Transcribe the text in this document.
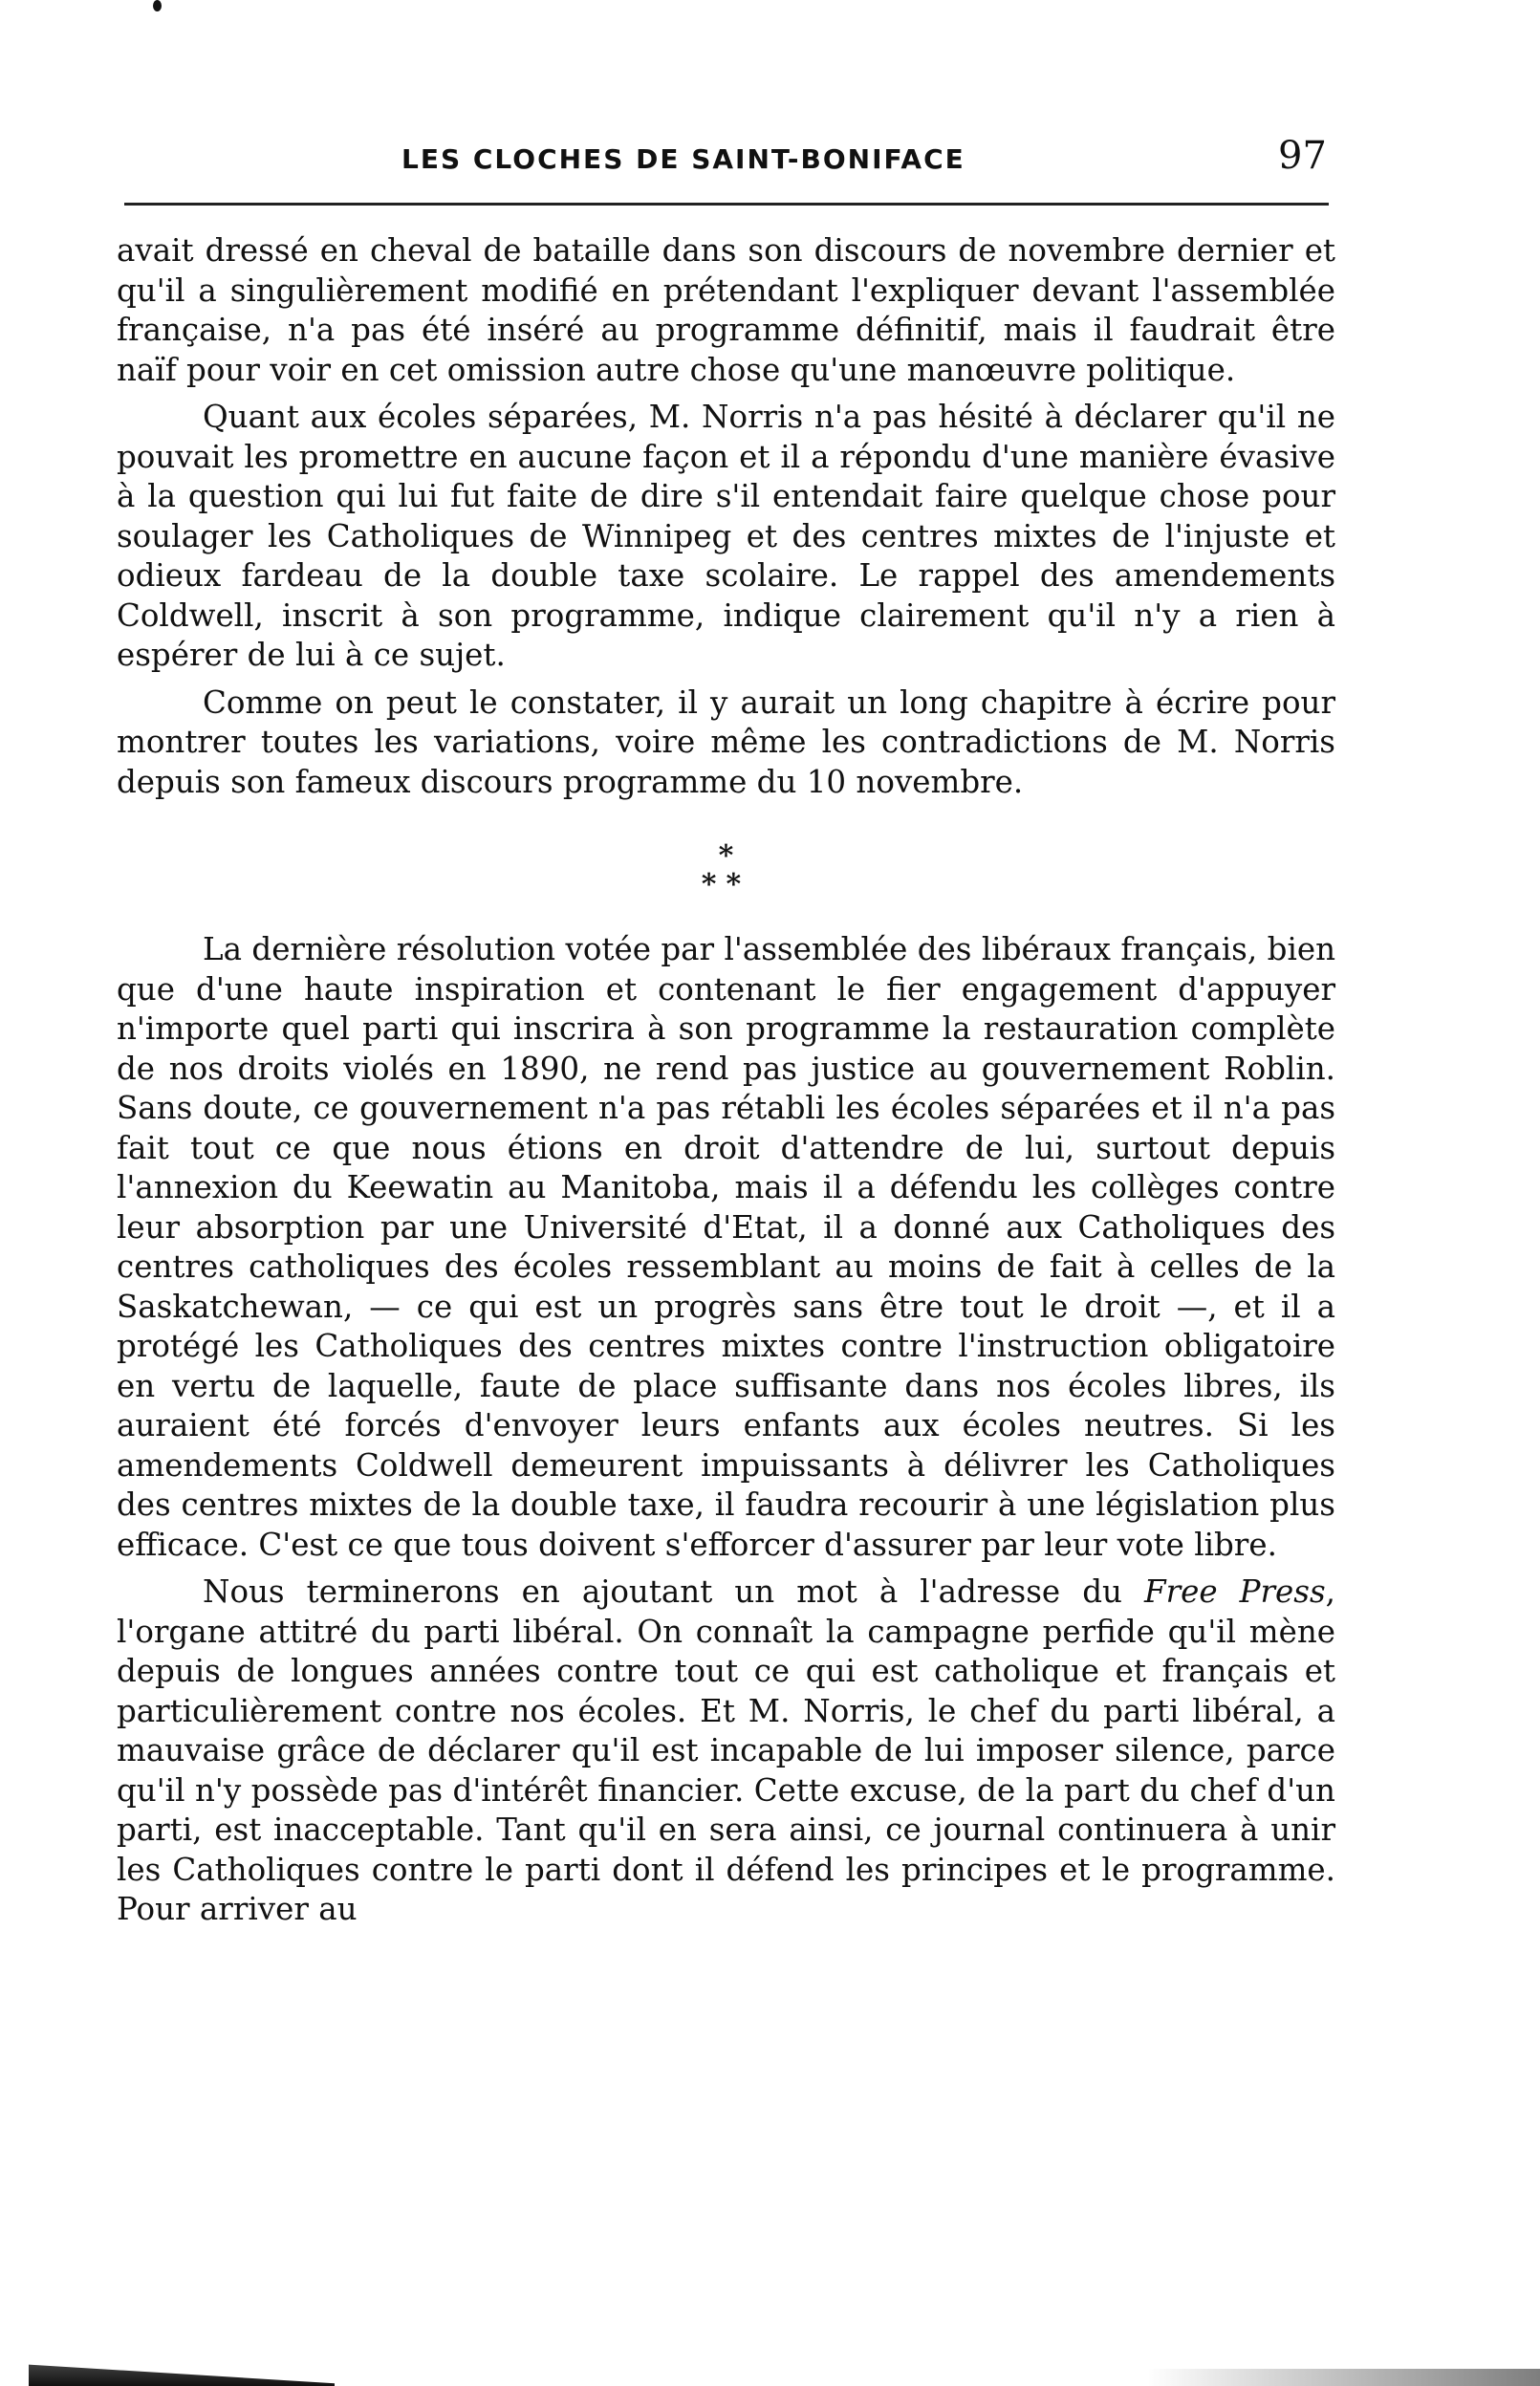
LES CLOCHES DE SAINT-BONIFACE	97

avait dressé en cheval de bataille dans son discours de novembre dernier et qu'il a singulièrement modifié en prétendant l'expliquer devant l'assemblée française, n'a pas été inséré au programme définitif, mais il faudrait être naïf pour voir en cet omission autre chose qu'une manœuvre politique.

Quant aux écoles séparées, M. Norris n'a pas hésité à déclarer qu'il ne pouvait les promettre en aucune façon et il a répondu d'une manière évasive à la question qui lui fut faite de dire s'il entendait faire quelque chose pour soulager les Catholiques de Winnipeg et des centres mixtes de l'injuste et odieux fardeau de la double taxe scolaire. Le rappel des amendements Coldwell, inscrit à son programme, indique clairement qu'il n'y a rien à espérer de lui à ce sujet.

Comme on peut le constater, il y aurait un long chapitre à écrire pour montrer toutes les variations, voire même les contradictions de M. Norris depuis son fameux discours programme du 10 novembre.

*
**

La dernière résolution votée par l'assemblée des libéraux français, bien que d'une haute inspiration et contenant le fier engagement d'appuyer n'importe quel parti qui inscrira à son programme la restauration complète de nos droits violés en 1890, ne rend pas justice au gouvernement Roblin. Sans doute, ce gouvernement n'a pas rétabli les écoles séparées et il n'a pas fait tout ce que nous étions en droit d'attendre de lui, surtout depuis l'annexion du Keewatin au Manitoba, mais il a défendu les collèges contre leur absorption par une Université d'Etat, il a donné aux Catholiques des centres catholiques des écoles ressemblant au moins de fait à celles de la Saskatchewan, — ce qui est un progrès sans être tout le droit —, et il a protégé les Catholiques des centres mixtes contre l'instruction obligatoire en vertu de laquelle, faute de place suffisante dans nos écoles libres, ils auraient été forcés d'envoyer leurs enfants aux écoles neutres. Si les amendements Coldwell demeurent impuissants à délivrer les Catholiques des centres mixtes de la double taxe, il faudra recourir à une législation plus efficace. C'est ce que tous doivent s'efforcer d'assurer par leur vote libre.

Nous terminerons en ajoutant un mot à l'adresse du Free Press, l'organe attitré du parti libéral. On connaît la campagne perfide qu'il mène depuis de longues années contre tout ce qui est catholique et français et particulièrement contre nos écoles. Et M. Norris, le chef du parti libéral, a mauvaise grâce de déclarer qu'il est incapable de lui imposer silence, parce qu'il n'y possède pas d'intérêt financier. Cette excuse, de la part du chef d'un parti, est inacceptable. Tant qu'il en sera ainsi, ce journal continuera à unir les Catholiques contre le parti dont il défend les principes et le programme. Pour arriver au
